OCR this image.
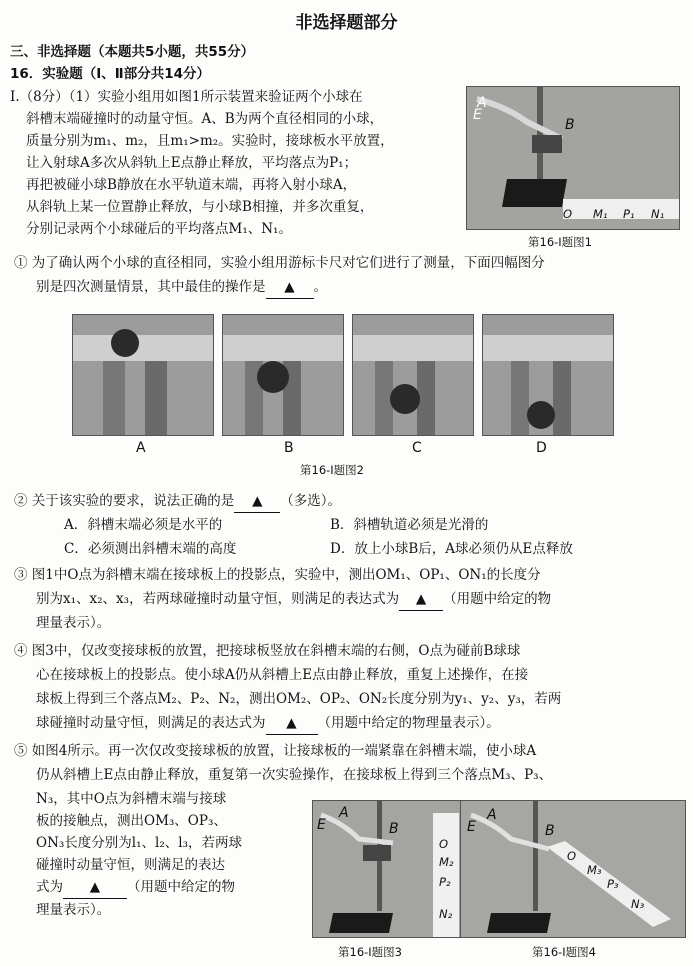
非选择题部分
三、非选择题（本题共5小题，共55分）
16．实验题（Ⅰ、Ⅱ部分共14分）
Ⅰ.（8分）（1）实验小组用如图1所示装置来验证两个小球在
斜槽末端碰撞时的动量守恒。A、B为两个直径相同的小球，
质量分别为m₁、m₂，且m₁>m₂。实验时，接球板水平放置，
让入射球A多次从斜轨上E点静止释放，平均落点为P₁；
再把被碰小球B静放在水平轨道末端，再将入射小球A，
从斜轨上某一位置静止释放，与小球B相撞，并多次重复，
分别记录两个小球碰后的平均落点M₁、N₁。
A
E
B
O M₁ P₁ N₁
第16-Ⅰ题图1
① 为了确认两个小球的直径相同，实验小组用游标卡尺对它们进行了测量，下面四幅图分
别是四次测量情景，其中最佳的操作是 ▲ 。
A	B	C	D
第16-Ⅰ题图2
② 关于该实验的要求，说法正确的是 ▲ （多选）。
A．斜槽末端必须是水平的	B．斜槽轨道必须是光滑的
C．必须测出斜槽末端的高度	D．放上小球B后，A球必须仍从E点释放
③ 图1中O点为斜槽末端在接球板上的投影点，实验中，测出OM₁、OP₁、ON₁的长度分
别为x₁、x₂、x₃，若两球碰撞时动量守恒，则满足的表达式为 ▲ （用题中给定的物
理量表示）。
④ 图3中，仅改变接球板的放置，把接球板竖放在斜槽末端的右侧，O点为碰前B球球
心在接球板上的投影点。使小球A仍从斜槽上E点由静止释放，重复上述操作，在接
球板上得到三个落点M₂、P₂、N₂，测出OM₂、OP₂、ON₂长度分别为y₁、y₂、y₃，若两
球碰撞时动量守恒，则满足的表达式为 ▲ （用题中给定的物理量表示）。
⑤ 如图4所示。再一次仅改变接球板的放置，让接球板的一端紧靠在斜槽末端，使小球A
仍从斜槽上E点由静止释放，重复第一次实验操作，在接球板上得到三个落点M₃、P₃、
N₃，其中O点为斜槽末端与接球
板的接触点，测出OM₃、OP₃、
ON₃长度分别为l₁、l₂、l₃，若两球
碰撞时动量守恒，则满足的表达
式为 ▲ （用题中给定的物
理量表示）。
A
E	B
O
M₂
P₂
N₂
第16-Ⅰ题图3
A
E	B
O
M₃
P₃
N₃
第16-Ⅰ题图4
